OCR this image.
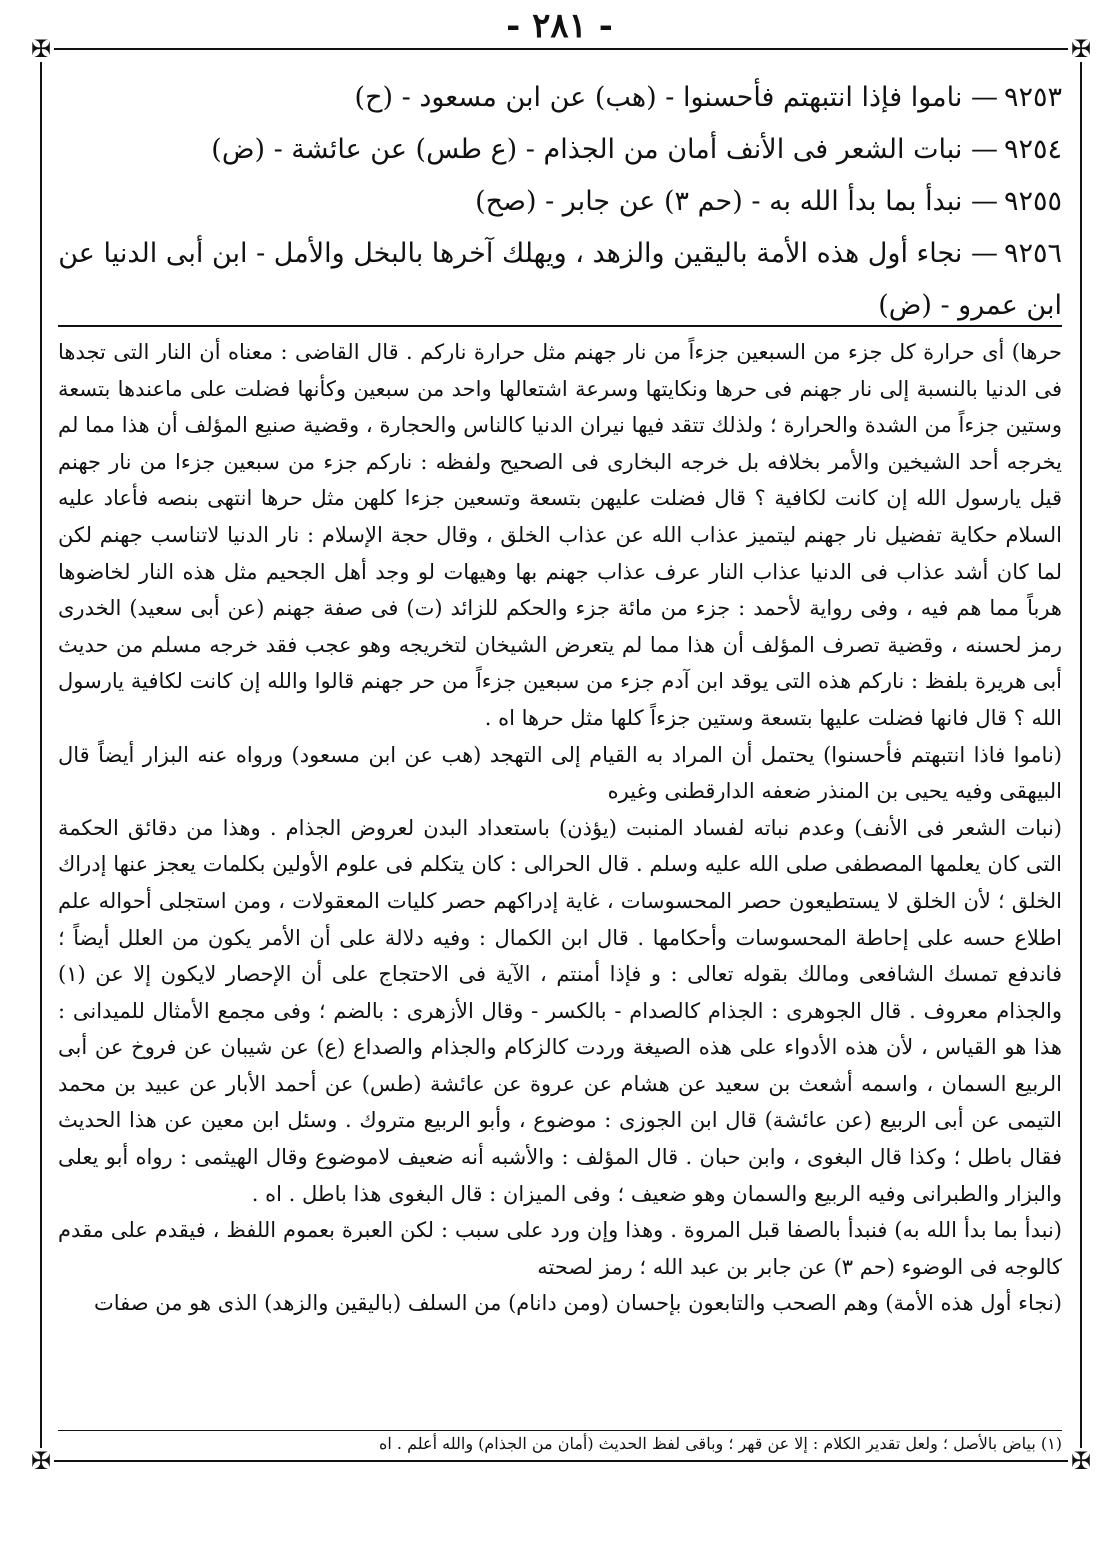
- ٢٨١ -
✠	✠
✠	✠

٩٢٥٣— ناموا فإذا انتبهتم فأحسنوا - (هب) عن ابن مسعود - (ح)

٩٢٥٤— نبات الشعر فى الأنف أمان من الجذام - (ع طس) عن عائشة - (ض)

٩٢٥٥— نبدأ بما بدأ الله به - (حم ٣) عن جابر - (صح)

٩٢٥٦— نجاء أول هذه الأمة باليقين والزهد ، ويهلك آخرها بالبخل والأمل - ابن أبى الدنيا عن ابن عمرو - (ض)

حرها) أى حرارة كل جزء من السبعين جزءاً من نار جهنم مثل حرارة ناركم . قال القاضى : معناه أن النار التى تجدها فى الدنيا بالنسبة إلى نار جهنم فى حرها ونكايتها وسرعة اشتعالها واحد من سبعين وكأنها فضلت على ماعندها بتسعة وستين جزءاً من الشدة والحرارة ؛ ولذلك تتقد فيها نيران الدنيا كالناس والحجارة ، وقضية صنيع المؤلف أن هذا مما لم يخرجه أحد الشيخين والأمر بخلافه بل خرجه البخارى فى الصحيح ولفظه : ناركم جزء من سبعين جزءا من نار جهنم قيل يارسول الله إن كانت لكافية ؟ قال فضلت عليهن بتسعة وتسعين جزءا كلهن مثل حرها انتهى بنصه فأعاد عليه السلام حكاية تفضيل نار جهنم ليتميز عذاب الله عن عذاب الخلق ، وقال حجة الإسلام : نار الدنيا لاتناسب جهنم لكن لما كان أشد عذاب فى الدنيا عذاب النار عرف عذاب جهنم بها وهيهات لو وجد أهل الجحيم مثل هذه النار لخاضوها هرباً مما هم فيه ، وفى رواية لأحمد : جزء من مائة جزء والحكم للزائد (ت) فى صفة جهنم (عن أبى سعيد) الخدرى رمز لحسنه ، وقضية تصرف المؤلف أن هذا مما لم يتعرض الشيخان لتخريجه وهو عجب فقد خرجه مسلم من حديث أبى هريرة بلفظ : ناركم هذه التى يوقد ابن آدم جزء من سبعين جزءاً من حر جهنم قالوا والله إن كانت لكافية يارسول الله ؟ قال فانها فضلت عليها بتسعة وستين جزءاً كلها مثل حرها اه .

(ناموا فاذا انتبهتم فأحسنوا) يحتمل أن المراد به القيام إلى التهجد (هب عن ابن مسعود) ورواه عنه البزار أيضاً قال البيهقى وفيه يحيى بن المنذر ضعفه الدارقطنى وغيره

(نبات الشعر فى الأنف) وعدم نباته لفساد المنبت (يؤذن) باستعداد البدن لعروض الجذام . وهذا من دقائق الحكمة التى كان يعلمها المصطفى صلى الله عليه وسلم . قال الحرالى : كان يتكلم فى علوم الأولين بكلمات يعجز عنها إدراك الخلق ؛ لأن الخلق لا يستطيعون حصر المحسوسات ، غاية إدراكهم حصر كليات المعقولات ، ومن استجلى أحواله علم اطلاع حسه على إحاطة المحسوسات وأحكامها . قال ابن الكمال : وفيه دلالة على أن الأمر يكون من العلل أيضاً ؛ فاندفع تمسك الشافعى ومالك بقوله تعالى : و فإذا أمنتم ، الآية فى الاحتجاج على أن الإحصار لايكون إلا عن (١) والجذام معروف . قال الجوهرى : الجذام كالصدام - بالكسر - وقال الأزهرى : بالضم ؛ وفى مجمع الأمثال للميدانى : هذا هو القياس ، لأن هذه الأدواء على هذه الصيغة وردت كالزكام والجذام والصداع (ع) عن شيبان عن فروخ عن أبى الربيع السمان ، واسمه أشعث بن سعيد عن هشام عن عروة عن عائشة (طس) عن أحمد الأبار عن عبيد بن محمد التيمى عن أبى الربيع (عن عائشة) قال ابن الجوزى : موضوع ، وأبو الربيع متروك . وسئل ابن معين عن هذا الحديث فقال باطل ؛ وكذا قال البغوى ، وابن حبان . قال المؤلف : والأشبه أنه ضعيف لاموضوع وقال الهيثمى : رواه أبو يعلى والبزار والطبرانى وفيه الربيع والسمان وهو ضعيف ؛ وفى الميزان : قال البغوى هذا باطل . اه .

(نبدأ بما بدأ الله به) فنبدأ بالصفا قبل المروة . وهذا وإن ورد على سبب : لكن العبرة بعموم اللفظ ، فيقدم على مقدم كالوجه فى الوضوء (حم ٣) عن جابر بن عبد الله ؛ رمز لصحته

(نجاء أول هذه الأمة) وهم الصحب والتابعون بإحسان (ومن دانام) من السلف (باليقين والزهد) الذى هو من صفات

(١) بياض بالأصل ؛ ولعل تقدير الكلام : إلا عن قهر ؛ وباقى لفظ الحديث (أمان من الجذام) والله أعلم . اه
